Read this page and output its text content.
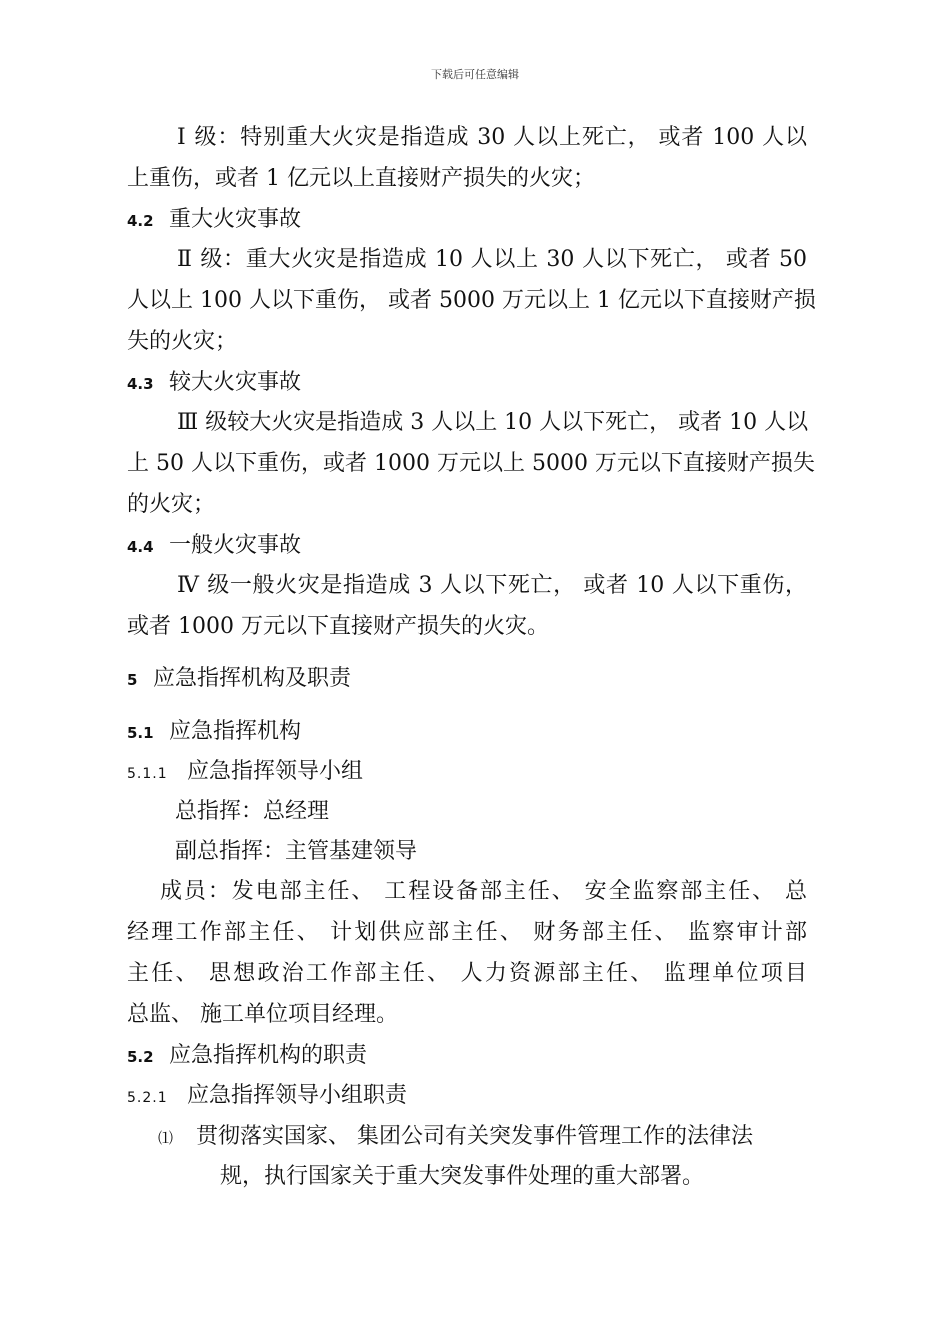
下载后可任意编辑
Ⅰ 级：特别重大火灾是指造成 30 人以上死亡， 或者 100 人以
上重伤，或者 1 亿元以上直接财产损失的火灾；
4.2 重大火灾事故
Ⅱ 级：重大火灾是指造成 10 人以上 30 人以下死亡， 或者 50
人以上 100 人以下重伤， 或者 5000 万元以上 1 亿元以下直接财产损
失的火灾；
4.3 较大火灾事故
Ⅲ 级较大火灾是指造成 3 人以上 10 人以下死亡， 或者 10 人以
上 50 人以下重伤，或者 1000 万元以上 5000 万元以下直接财产损失
的火灾；
4.4 一般火灾事故
Ⅳ 级一般火灾是指造成 3 人以下死亡， 或者 10 人以下重伤，
或者 1000 万元以下直接财产损失的火灾。
5 应急指挥机构及职责
5.1 应急指挥机构
5.1.1 应急指挥领导小组
总指挥：总经理
副总指挥：主管基建领导
成员：发电部主任、 工程设备部主任、 安全监察部主任、 总
经理工作部主任、 计划供应部主任、 财务部主任、 监察审计部
主任、 思想政治工作部主任、 人力资源部主任、 监理单位项目
总监、 施工单位项目经理。
5.2 应急指挥机构的职责
5.2.1 应急指挥领导小组职责
⑴ 贯彻落实国家、 集团公司有关突发事件管理工作的法律法
规，执行国家关于重大突发事件处理的重大部署。
